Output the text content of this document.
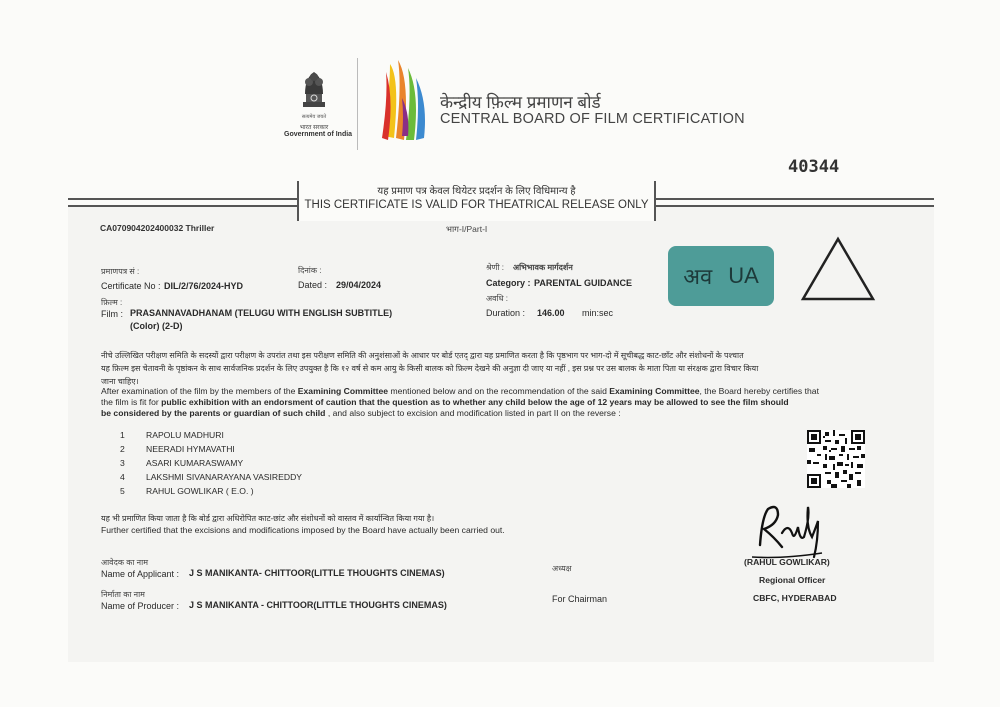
सत्यमेव जयते
भारत सरकार
Government of India
केन्द्रीय फ़िल्म प्रमाणन बोर्ड
CENTRAL BOARD OF FILM CERTIFICATION
40344
यह प्रमाण पत्र केवल थियेटर प्रदर्शन के लिए विधिमान्य है
THIS CERTIFICATE IS VALID FOR THEATRICAL RELEASE ONLY
भाग-I/Part-I
CA070904202400032 Thriller
प्रमाणपत्र सं :
Certificate No : DIL/2/76/2024-HYD
दिनांक :
Dated : 29/04/2024
श्रेणी : अभिभावक मार्गदर्शन
Category : PARENTAL GUIDANCE
फ़िल्म :
Film : PRASANNAVADHANAM (TELUGU WITH ENGLISH SUBTITLE)
(Color) (2-D)
अवधि :
Duration : 146.00 min:sec
अव UA
नीचे उल्लिखित परीक्षण समिति के सदस्यों द्वारा परीक्षण के उपरांत तथा इस परीक्षण समिति की अनुशंसाओं के आधार पर बोर्ड एतद् द्वारा यह प्रमाणित करता है कि पृष्ठभाग पर भाग-दो में सूचीबद्ध काट-छाँट और संशोधनों के पश्चात
यह फ़िल्म इस चेतावनी के पृष्ठांकन के साथ सार्वजनिक प्रदर्शन के लिए उपयुक्त है कि १२ वर्ष से कम आयु के किसी बालक को फ़िल्म देखने की अनुज्ञा दी जाए या नहीं , इस प्रश्न पर उस बालक के माता पिता या संरक्षक द्वारा विचार किया
जाना चाहिए।
After examination of the film by the members of the Examining Committee mentioned below and on the recommendation of the said Examining Committee, the Board hereby certifies that
the film is fit for public exhibition with an endorsment of caution that the question as to whether any child below the age of 12 years may be allowed to see the film should
be considered by the parents or guardian of such child , and also subject to excision and modification listed in part II on the reverse :
1 RAPOLU MADHURI
2 NEERADI HYMAVATHI
3 ASARI KUMARASWAMY
4 LAKSHMI SIVANARAYANA VASIREDDY
5 RAHUL GOWLIKAR ( E.O. )
यह भी प्रमाणित किया जाता है कि बोर्ड द्वारा अधिरोपित काट-छांट और संशोधनों को वास्तव में कार्यान्वित किया गया है।
Further certified that the excisions and modifications imposed by the Board have actually been carried out.
आवेदक का नाम
Name of Applicant : J S MANIKANTA- CHITTOOR(LITTLE THOUGHTS CINEMAS)
निर्माता का नाम
Name of Producer : J S MANIKANTA - CHITTOOR(LITTLE THOUGHTS CINEMAS)
अध्यक्ष
For Chairman
(RAHUL GOWLIKAR)
Regional Officer
CBFC, HYDERABAD
